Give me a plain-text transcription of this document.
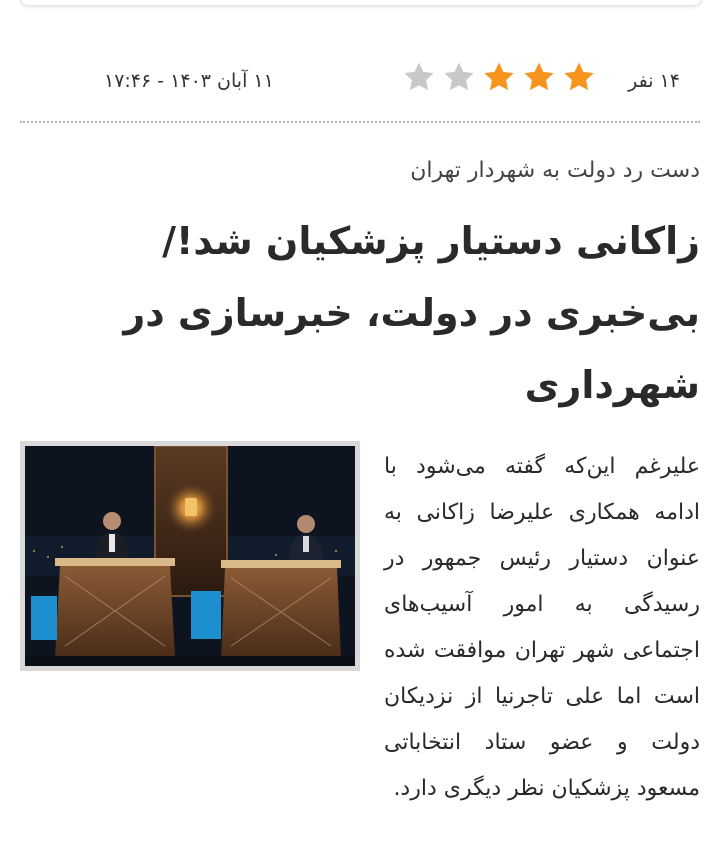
۱۴ نفر
۱۱ آبان ۱۴۰۳ - ۱۷:۴۶
دست رد دولت به شهردار تهران
زاکانی دستیار پزشکیان شد!/ بی‌خبری در دولت، خبرسازی در شهرداری

علیرغم این‌که گفته می‌شود با ادامه همکاری علیرضا زاکانی به عنوان دستیار رئیس جمهور در رسیدگی به امور آسیب‌های اجتماعی شهر تهران موافقت شده است اما علی تاجرنیا از نزدیکان دولت و عضو ستاد انتخاباتی مسعود پزشکیان نظر دیگری دارد.
